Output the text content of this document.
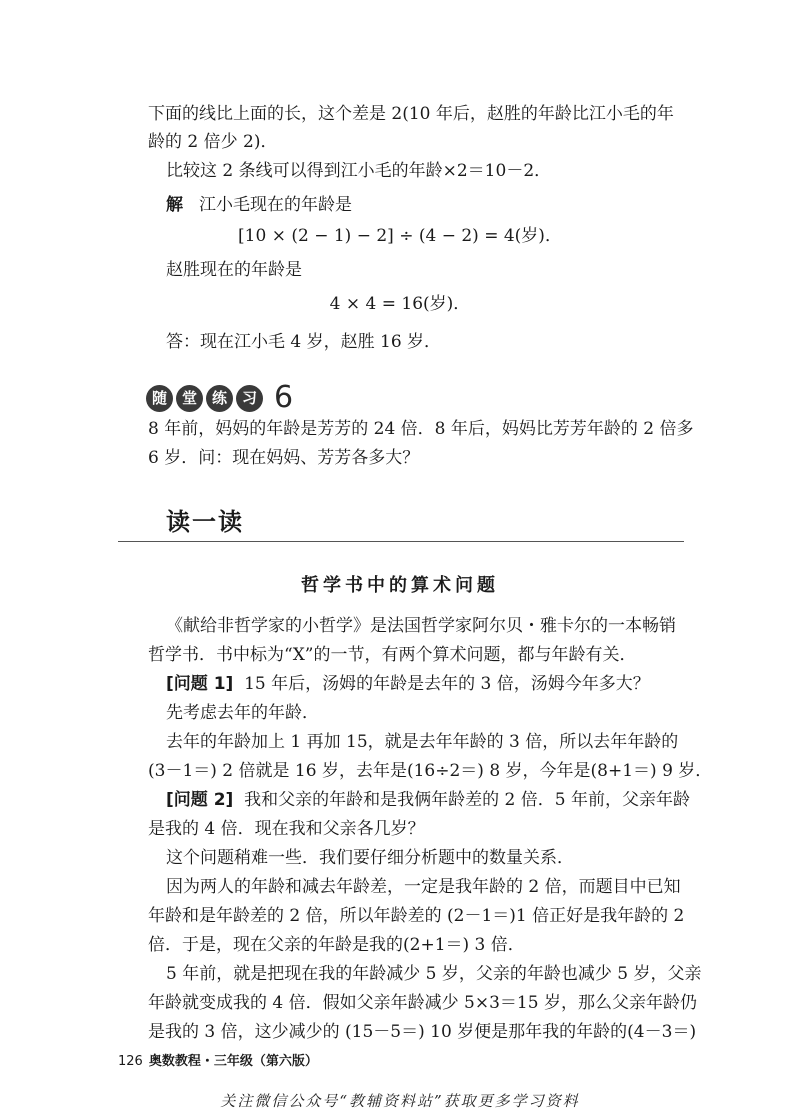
下面的线比上面的长，这个差是 2(10 年后，赵胜的年龄比江小毛的年
龄的 2 倍少 2)．
比较这 2 条线可以得到江小毛的年龄×2＝10－2．
解 江小毛现在的年龄是
[10 × (2 − 1) − 2] ÷ (4 − 2) = 4(岁)．
赵胜现在的年龄是
4 × 4 = 16(岁)．
答：现在江小毛 4 岁，赵胜 16 岁．
随 堂 练 习 6
8 年前，妈妈的年龄是芳芳的 24 倍．8 年后，妈妈比芳芳年龄的 2 倍多
6 岁．问：现在妈妈、芳芳各多大？
读一读
哲学书中的算术问题
《献给非哲学家的小哲学》是法国哲学家阿尔贝・雅卡尔的一本畅销
哲学书．书中标为“X”的一节，有两个算术问题，都与年龄有关．
[问题 1] 15 年后，汤姆的年龄是去年的 3 倍，汤姆今年多大？
先考虑去年的年龄．
去年的年龄加上 1 再加 15，就是去年年龄的 3 倍，所以去年年龄的
(3－1＝) 2 倍就是 16 岁，去年是(16÷2＝) 8 岁，今年是(8+1＝) 9 岁．
[问题 2] 我和父亲的年龄和是我俩年龄差的 2 倍．5 年前，父亲年龄
是我的 4 倍．现在我和父亲各几岁？
这个问题稍难一些．我们要仔细分析题中的数量关系．
因为两人的年龄和减去年龄差，一定是我年龄的 2 倍，而题目中已知
年龄和是年龄差的 2 倍，所以年龄差的 (2－1＝)1 倍正好是我年龄的 2
倍．于是，现在父亲的年龄是我的(2+1＝) 3 倍．
5 年前，就是把现在我的年龄减少 5 岁，父亲的年龄也减少 5 岁，父亲
年龄就变成我的 4 倍．假如父亲年龄减少 5×3＝15 岁，那么父亲年龄仍
是我的 3 倍，这少减少的 (15－5＝) 10 岁便是那年我的年龄的(4－3＝)
126 奥数教程・三年级（第六版）
关注微信公众号“教辅资料站”获取更多学习资料
